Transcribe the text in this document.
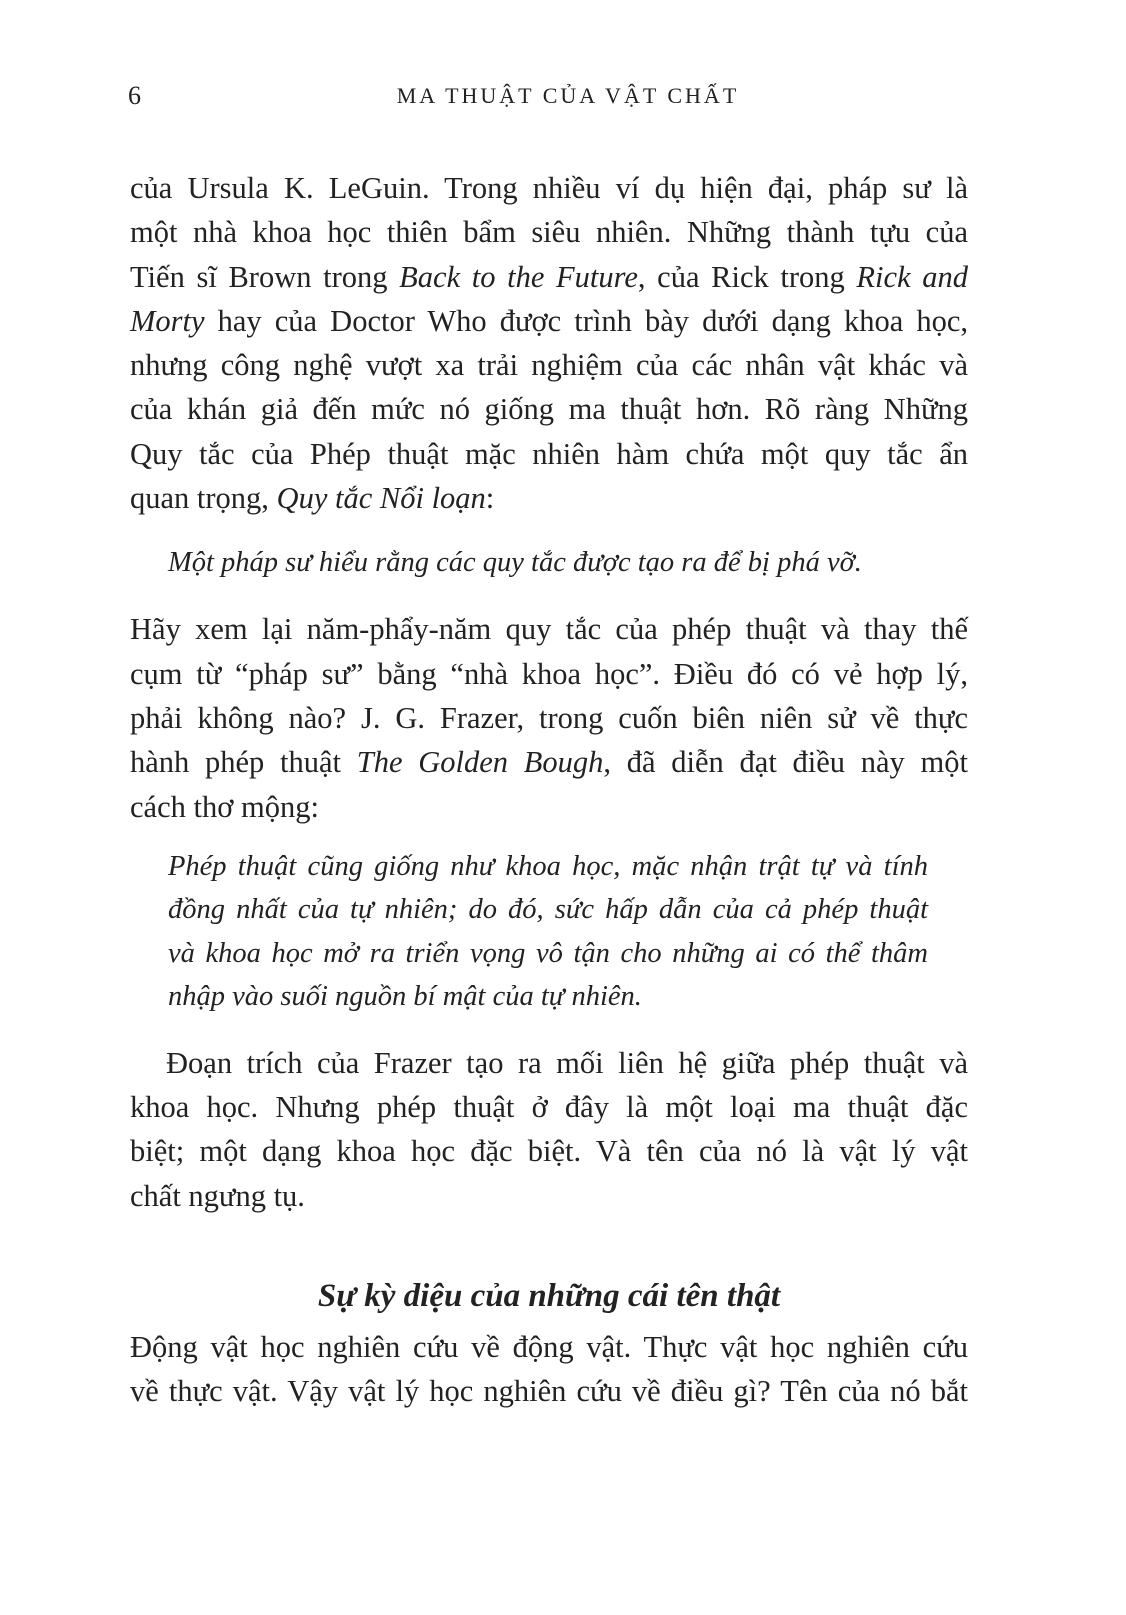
6	MA THUẬT CỦA VẬT CHẤT
của Ursula K. LeGuin. Trong nhiều ví dụ hiện đại, pháp sư là
một nhà khoa học thiên bẩm siêu nhiên. Những thành tựu của
Tiến sĩ Brown trong Back to the Future, của Rick trong Rick and
Morty hay của Doctor Who được trình bày dưới dạng khoa học,
nhưng công nghệ vượt xa trải nghiệm của các nhân vật khác và
của khán giả đến mức nó giống ma thuật hơn. Rõ ràng Những
Quy tắc của Phép thuật mặc nhiên hàm chứa một quy tắc ẩn
quan trọng, Quy tắc Nổi loạn:
Một pháp sư hiểu rằng các quy tắc được tạo ra để bị phá vỡ.
Hãy xem lại năm-phẩy-năm quy tắc của phép thuật và thay thế
cụm từ “pháp sư” bằng “nhà khoa học”. Điều đó có vẻ hợp lý,
phải không nào? J. G. Frazer, trong cuốn biên niên sử về thực
hành phép thuật The Golden Bough, đã diễn đạt điều này một
cách thơ mộng:
Phép thuật cũng giống như khoa học, mặc nhận trật tự và tính
đồng nhất của tự nhiên; do đó, sức hấp dẫn của cả phép thuật
và khoa học mở ra triển vọng vô tận cho những ai có thể thâm
nhập vào suối nguồn bí mật của tự nhiên.
Đoạn trích của Frazer tạo ra mối liên hệ giữa phép thuật và
khoa học. Nhưng phép thuật ở đây là một loại ma thuật đặc
biệt; một dạng khoa học đặc biệt. Và tên của nó là vật lý vật
chất ngưng tụ.
Sự kỳ diệu của những cái tên thật
Động vật học nghiên cứu về động vật. Thực vật học nghiên cứu
về thực vật. Vậy vật lý học nghiên cứu về điều gì? Tên của nó bắt
